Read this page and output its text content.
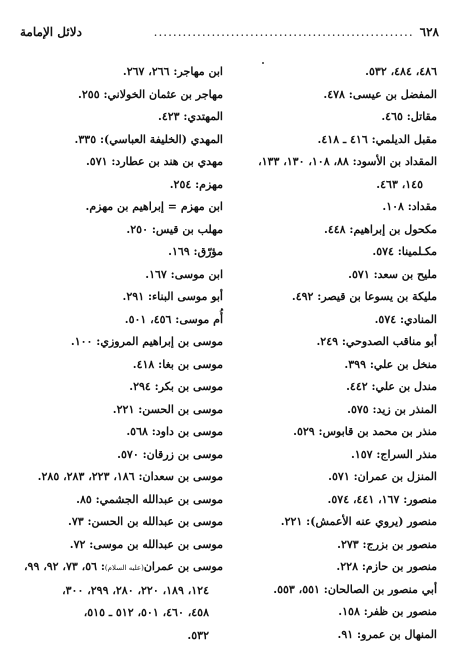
دلائل الإمامة	...................................................... ٦٢٨
٤٨٦، ٤٨٤، ٥٣٢.
المفضل بن عيسى: ٤٧٨.
مقاتل: ٤٦٥.
مقبل الديلمي: ٤١٦ ـ ٤١٨.
المقداد بن الأسود: ٨٨، ١٠٨، ١٣٠، ١٣٣،
١٤٥، ٤٦٣.
مقداد: ١٠٨.
مكحول بن إبراهيم: ٤٤٨.
مكـلمينا: ٥٧٤.
مليح بن سعد: ٥٧١.
مليكة بن يسوعا بن قيصر: ٤٩٢.
المنادي: ٥٧٤.
أبو مناقب الصدوحي: ٢٤٩.
منخل بن علي: ٣٩٩.
مندل بن علي: ٤٤٢.
المنذر بن زيد: ٥٧٥.
منذر بن محمد بن قابوس: ٥٢٩.
منذر السراج: ١٥٧.
المنزل بن عمران: ٥٧١.
منصور: ١٦٧، ٤٤١، ٥٧٤.
منصور (يروي عنه الأعمش): ٢٢١.
منصور بن بزرج: ٢٧٣.
منصور بن حازم: ٢٢٨.
أبي منصور بن الصالحان: ٥٥١، ٥٥٣.
منصور بن ظفر: ١٥٨.
المنهال بن عمرو: ٩١.
ابن مهاجر: ٢٦٦، ٢٦٧.
مهاجر بن عثمان الخولاني: ٢٥٥.
المهتدي: ٤٢٣.
المهدي (الخليفة العباسي): ٣٣٥.
مهدي بن هند بن عطارد: ٥٧١.
مهزم: ٢٥٤.
ابن مهزم = إبراهيم بن مهزم.
مهلب بن قيس: ٢٥٠.
مؤرّق: ١٦٩.
ابن موسى: ١٦٧.
أبو موسى البناء: ٢٩١.
أُم موسى: ٤٥٦، ٥٠١.
موسى بن إبراهيم المروزي: ١٠٠.
موسى بن بغا: ٤١٨.
موسى بن بكر: ٢٩٤.
موسى بن الحسن: ٢٢١.
موسى بن داود: ٥٦٨.
موسى بن زرقان: ٥٧٠.
موسى بن سعدان: ١٨٦، ٢٢٣، ٢٨٣، ٢٨٥.
موسى بن عبدالله الجشمي: ٨٥.
موسى بن عبدالله بن الحسن: ٧٣.
موسى بن عبدالله بن موسى: ٧٢.
موسى بن عمران(عليه السلام): ٥٦، ٧٣، ٩٢، ٩٩،
١٢٤، ١٨٩، ٢٢٠، ٢٨٠، ٢٩٩، ٣٠٠،
٤٥٨، ٤٦٠، ٥٠١، ٥١٢ ـ ٥١٥،
٥٣٢.
